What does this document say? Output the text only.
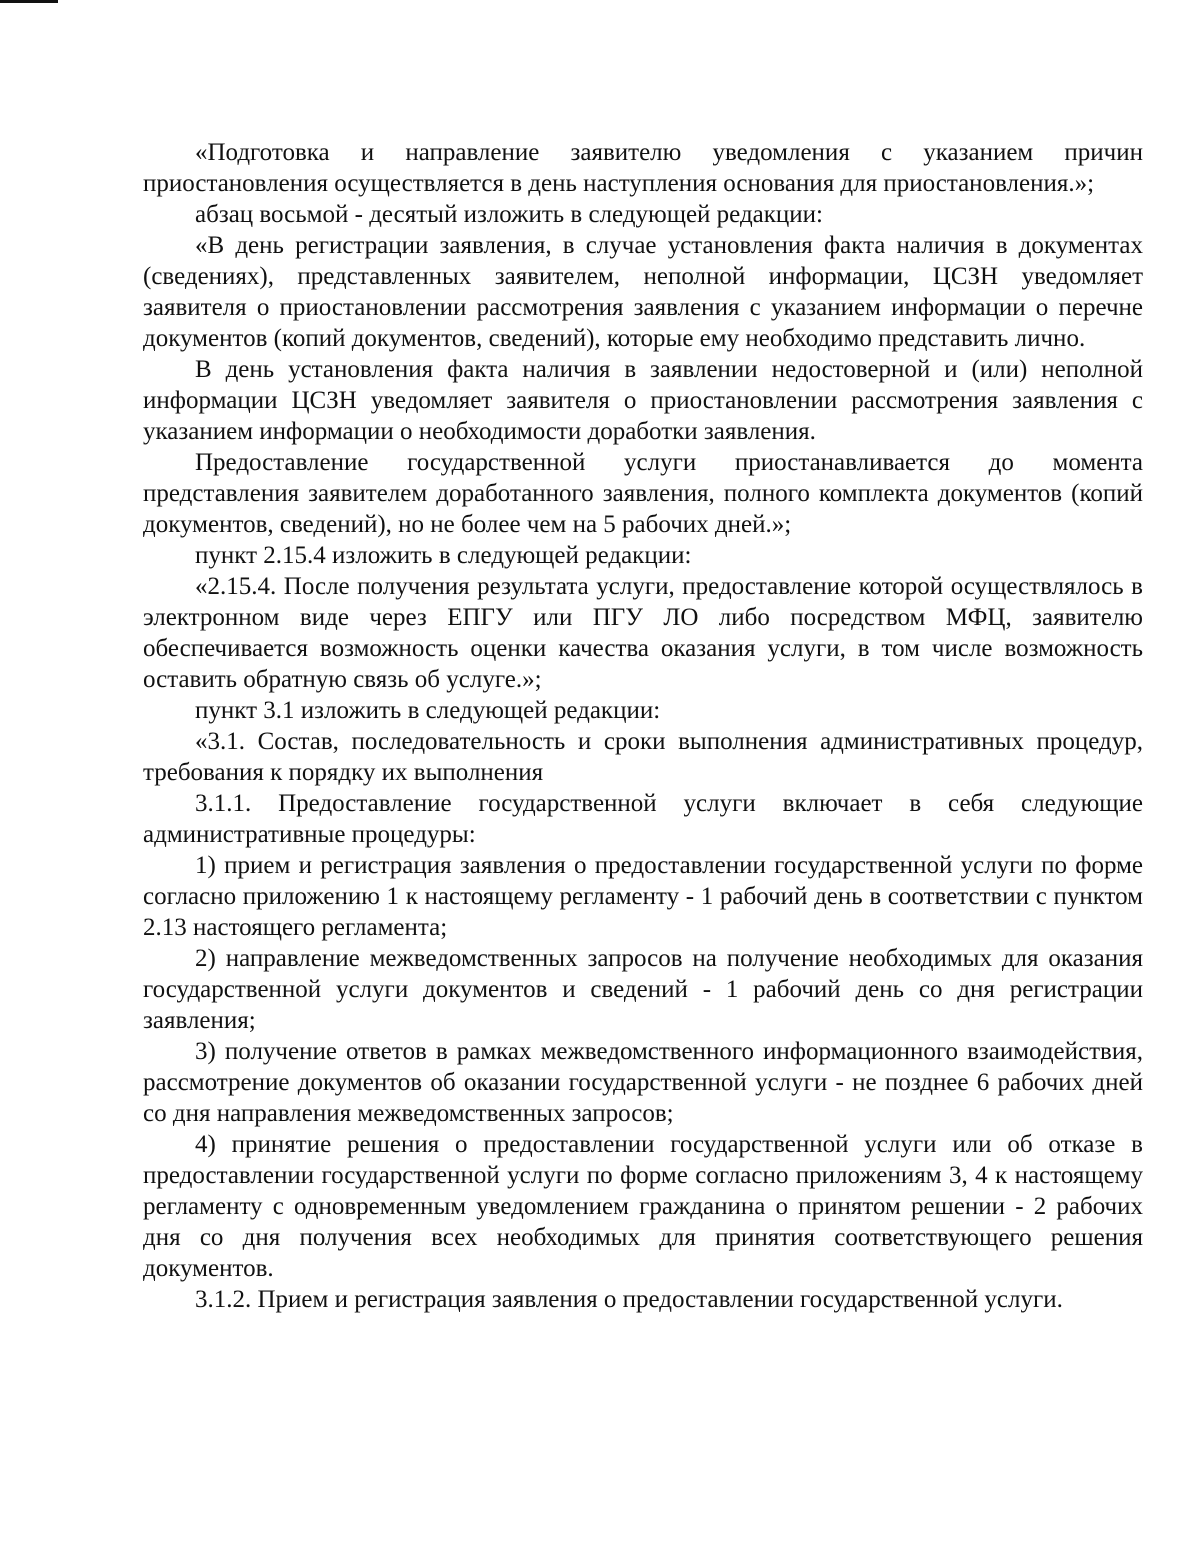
«Подготовка и направление заявителю уведомления с указанием причин приостановления осуществляется в день наступления основания для приостановления.»;

абзац восьмой - десятый изложить в следующей редакции:

«В день регистрации заявления, в случае установления факта наличия в документах (сведениях), представленных заявителем, неполной информации, ЦСЗН уведомляет заявителя о приостановлении рассмотрения заявления с указанием информации о перечне документов (копий документов, сведений), которые ему необходимо представить лично.

В день установления факта наличия в заявлении недостоверной и (или) неполной информации ЦСЗН уведомляет заявителя о приостановлении рассмотрения заявления с указанием информации о необходимости доработки заявления.

Предоставление государственной услуги приостанавливается до момента представления заявителем доработанного заявления, полного комплекта документов (копий документов, сведений), но не более чем на 5 рабочих дней.»;

пункт 2.15.4 изложить в следующей редакции:

«2.15.4. После получения результата услуги, предоставление которой осуществлялось в электронном виде через ЕПГУ или ПГУ ЛО либо посредством МФЦ, заявителю обеспечивается возможность оценки качества оказания услуги, в том числе возможность оставить обратную связь об услуге.»;

пункт 3.1 изложить в следующей редакции:

«3.1. Состав, последовательность и сроки выполнения административных процедур, требования к порядку их выполнения

3.1.1. Предоставление государственной услуги включает в себя следующие административные процедуры:

1) прием и регистрация заявления о предоставлении государственной услуги по форме согласно приложению 1 к настоящему регламенту - 1 рабочий день в соответствии с пунктом 2.13 настоящего регламента;

2) направление межведомственных запросов на получение необходимых для оказания государственной услуги документов и сведений - 1 рабочий день со дня регистрации заявления;

3) получение ответов в рамках межведомственного информационного взаимодействия, рассмотрение документов об оказании государственной услуги - не позднее 6 рабочих дней со дня направления межведомственных запросов;

4) принятие решения о предоставлении государственной услуги или об отказе в предоставлении государственной услуги по форме согласно приложениям 3, 4 к настоящему регламенту с одновременным уведомлением гражданина о принятом решении - 2 рабочих дня со дня получения всех необходимых для принятия соответствующего решения документов.

3.1.2. Прием и регистрация заявления о предоставлении государственной услуги.
